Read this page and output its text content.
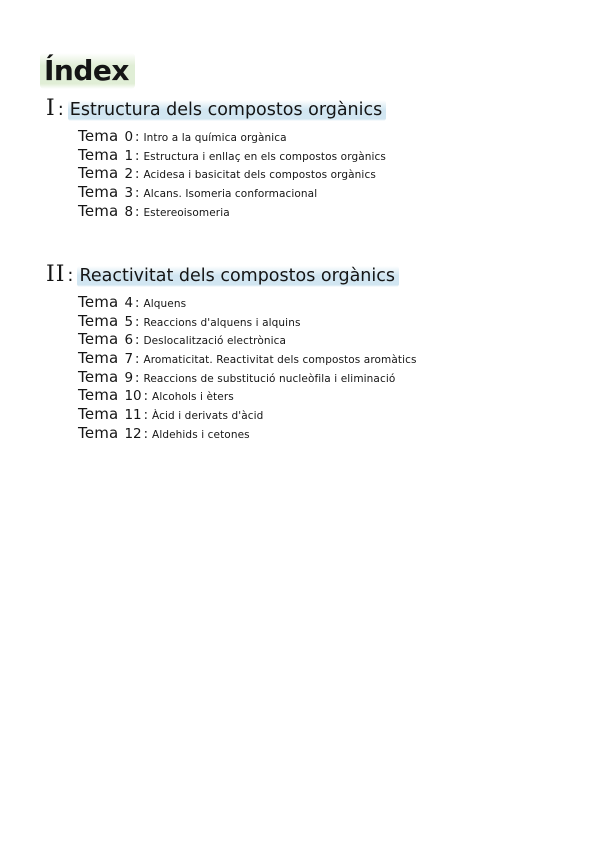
Índex
I : Estructura dels compostos orgànics
Tema 0 : Intro a la química orgànica
Tema 1 : Estructura i enllaç en els compostos orgànics
Tema 2 : Acidesa i basicitat dels compostos orgànics
Tema 3 : Alcans. Isomeria conformacional
Tema 8 : Estereoisomeria
II : Reactivitat dels compostos orgànics
Tema 4 : Alquens
Tema 5 : Reaccions d'alquens i alquins
Tema 6 : Deslocalització electrònica
Tema 7 : Aromaticitat. Reactivitat dels compostos aromàtics
Tema 9 : Reaccions de substitució nucleòfila i eliminació
Tema 10 : Alcohols i èters
Tema 11 : Àcid i derivats d'àcid
Tema 12 : Aldehids i cetones
